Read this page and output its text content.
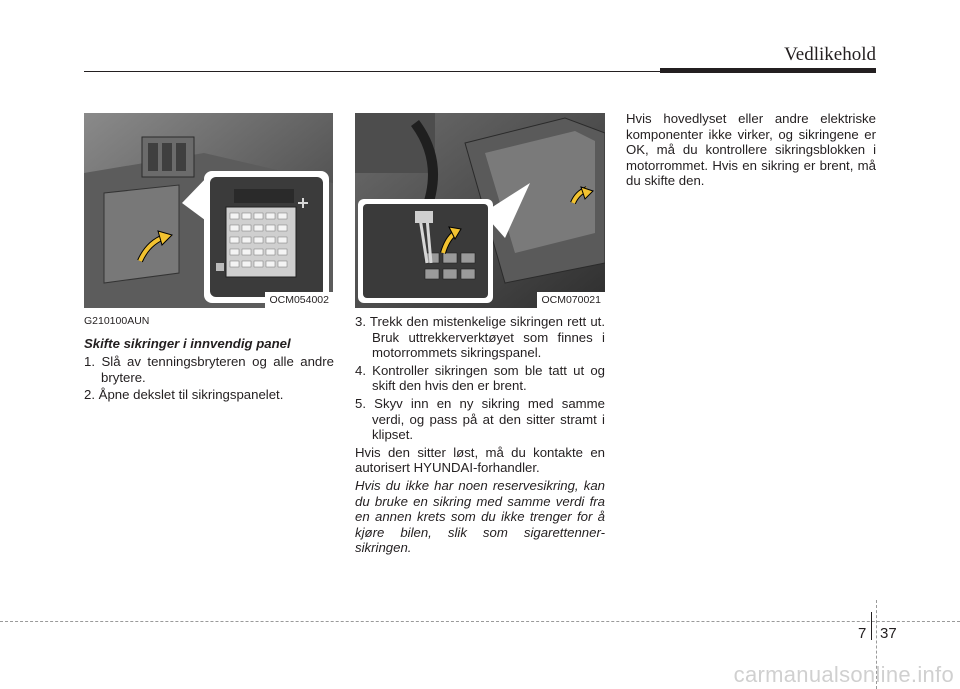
Vedlikehold
OCM054002	OCM070021

G210100AUN

Skifte sikringer i innvendig panel

1. Slå av tenningsbryteren og alle andre brytere.

2. Åpne dekslet til sikringspanelet.

3. Trekk den mistenkelige sikringen rett ut. Bruk uttrekkerverktøyet som finnes i motorrommets sikringspanel.

4. Kontroller sikringen som ble tatt ut og skift den hvis den er brent.

5. Skyv inn en ny sikring med samme verdi, og pass på at den sitter stramt i klipset.

Hvis den sitter løst, må du kontakte en autorisert HYUNDAI-forhandler.

Hvis du ikke har noen reservesikring, kan du bruke en sikring med samme verdi fra en annen krets som du ikke trenger for å kjøre bilen, slik som sigarettenner-sikringen.

Hvis hovedlyset eller andre elektriske komponenter ikke virker, og sikringene er OK, må du kontrollere sikringsblokken i motorrommet. Hvis en sikring er brent, må du skifte den.

7 37
carmanualsonline.info
